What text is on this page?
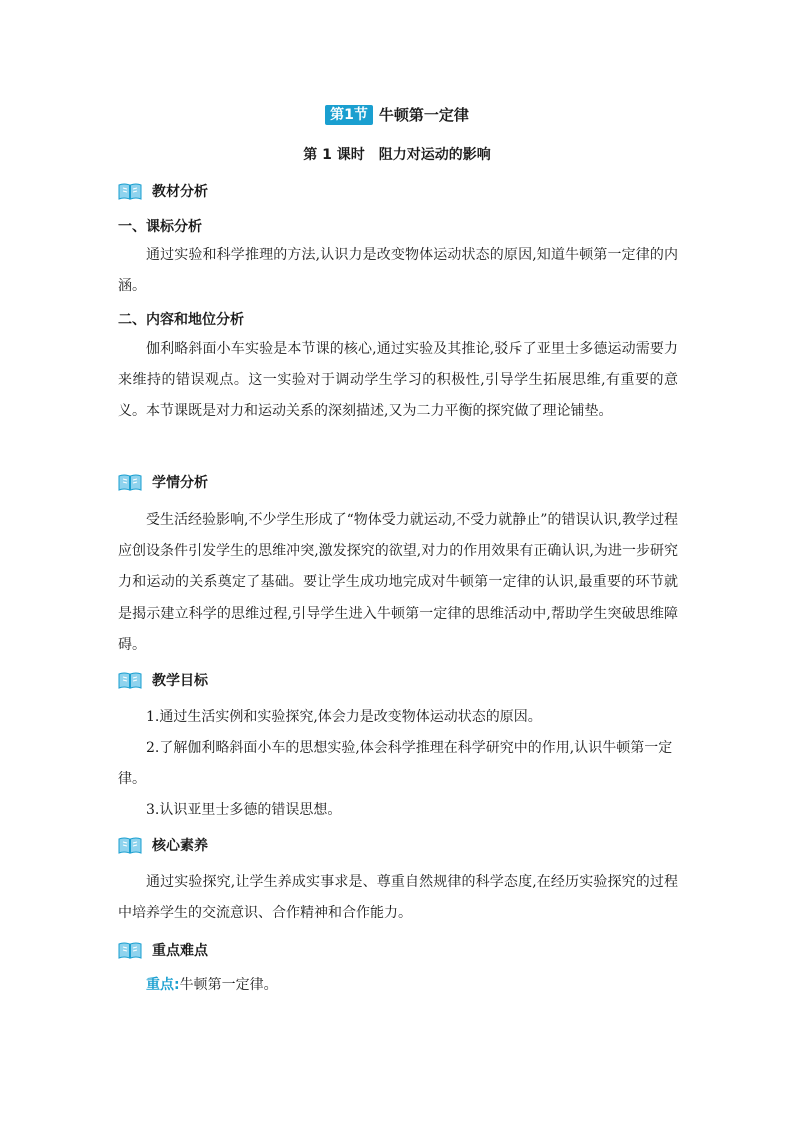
第1节 牛顿第一定律
第 1 课时 阻力对运动的影响
教材分析
一、课标分析

通过实验和科学推理的方法,认识力是改变物体运动状态的原因,知道牛顿第一定律的内涵。

二、内容和地位分析

伽利略斜面小车实验是本节课的核心,通过实验及其推论,驳斥了亚里士多德运动需要力来维持的错误观点。这一实验对于调动学生学习的积极性,引导学生拓展思维,有重要的意义。本节课既是对力和运动关系的深刻描述,又为二力平衡的探究做了理论铺垫。

学情分析

受生活经验影响,不少学生形成了“物体受力就运动,不受力就静止”的错误认识,教学过程应创设条件引发学生的思维冲突,激发探究的欲望,对力的作用效果有正确认识,为进一步研究力和运动的关系奠定了基础。要让学生成功地完成对牛顿第一定律的认识,最重要的环节就是揭示建立科学的思维过程,引导学生进入牛顿第一定律的思维活动中,帮助学生突破思维障碍。

教学目标

1.通过生活实例和实验探究,体会力是改变物体运动状态的原因。

2.了解伽利略斜面小车的思想实验,体会科学推理在科学研究中的作用,认识牛顿第一定律。

3.认识亚里士多德的错误思想。

核心素养

通过实验探究,让学生养成实事求是、尊重自然规律的科学态度,在经历实验探究的过程中培养学生的交流意识、合作精神和合作能力。

重点难点
重点:牛顿第一定律。
